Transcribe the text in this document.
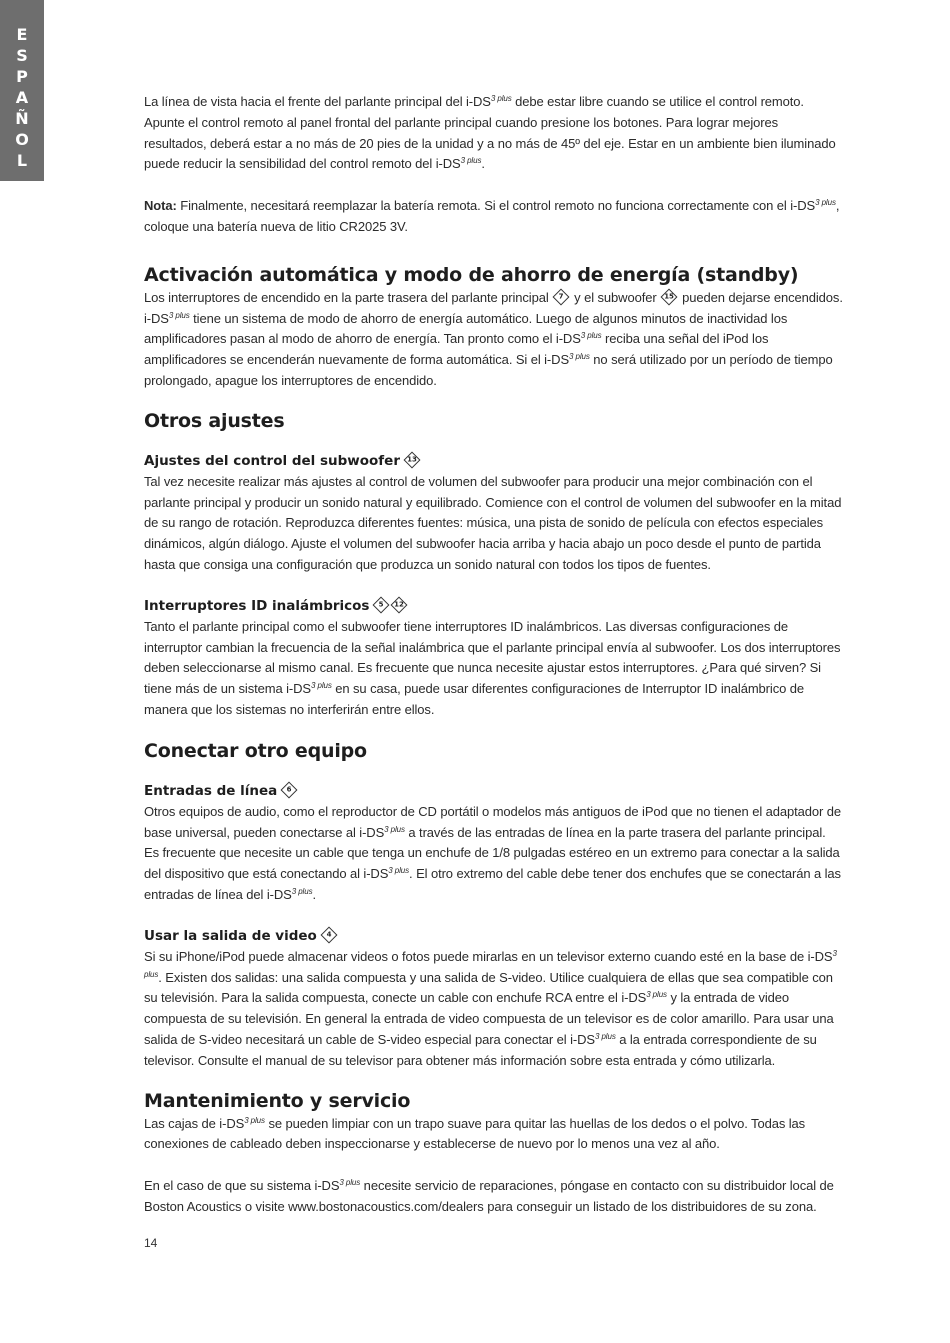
E
S
P
A
Ñ
O
L

La línea de vista hacia el frente del parlante principal del $i-DS^{3 plus}$ debe estar libre cuando se utilice el control remoto. Apunte el control remoto al panel frontal del parlante principal cuando presione los botones. Para lograr mejores resultados, deberá estar a no más de 20 pies de la unidad y a no más de 45º del eje. Estar en un ambiente bien iluminado puede reducir la sensibilidad del control remoto del $i-DS^{3 plus}$.

Nota: Finalmente, necesitará reemplazar la batería remota. Si el control remoto no funciona correctamente con el $i-DS^{3 plus}$, coloque una batería nueva de litio CR2025 3V.

Activación automática y modo de ahorro de energía (standby)

Los interruptores de encendido en la parte trasera del parlante principal 7 y el subwoofer 15 pueden dejarse encendidos. $i-DS^{3 plus}$ tiene un sistema de modo de ahorro de energía automático. Luego de algunos minutos de inactividad los amplificadores pasan al modo de ahorro de energía. Tan pronto como el $i-DS^{3 plus}$ reciba una señal del iPod los amplificadores se encenderán nuevamente de forma automática. Si el $i-DS^{3 plus}$ no será utilizado por un período de tiempo prolongado, apague los interruptores de encendido.

Otros ajustes
Ajustes del control del subwoofer 13

Tal vez necesite realizar más ajustes al control de volumen del subwoofer para producir una mejor combinación con el parlante principal y producir un sonido natural y equilibrado. Comience con el control de volumen del subwoofer en la mitad de su rango de rotación. Reproduzca diferentes fuentes: música, una pista de sonido de película con efectos especiales dinámicos, algún diálogo. Ajuste el volumen del subwoofer hacia arriba y hacia abajo un poco desde el punto de partida hasta que consiga una configuración que produzca un sonido natural con todos los tipos de fuentes.

Interruptores ID inalámbricos 5 12

Tanto el parlante principal como el subwoofer tiene interruptores ID inalámbricos. Las diversas configuraciones de interruptor cambian la frecuencia de la señal inalámbrica que el parlante principal envía al subwoofer. Los dos interruptores deben seleccionarse al mismo canal. Es frecuente que nunca necesite ajustar estos interruptores. ¿Para qué sirven? Si tiene más de un sistema $i-DS^{3 plus}$ en su casa, puede usar diferentes configuraciones de Interruptor ID inalámbrico de manera que los sistemas no interferirán entre ellos.

Conectar otro equipo
Entradas de línea 6

Otros equipos de audio, como el reproductor de CD portátil o modelos más antiguos de iPod que no tienen el adaptador de base universal, pueden conectarse al $i-DS^{3 plus}$ a través de las entradas de línea en la parte trasera del parlante principal. Es frecuente que necesite un cable que tenga un enchufe de 1/8 pulgadas estéreo en un extremo para conectar a la salida del dispositivo que está conectando al $i-DS^{3 plus}$. El otro extremo del cable debe tener dos enchufes que se conectarán a las entradas de línea del $i-DS^{3 plus}$.

Usar la salida de video 4

Si su iPhone/iPod puede almacenar videos o fotos puede mirarlas en un televisor externo cuando esté en la base de $i-DS^{3 plus}$. Existen dos salidas: una salida compuesta y una salida de S-video. Utilice cualquiera de ellas que sea compatible con su televisión. Para la salida compuesta, conecte un cable con enchufe RCA entre el $i-DS^{3 plus}$ y la entrada de video compuesta de su televisión. En general la entrada de video compuesta de un televisor es de color amarillo. Para usar una salida de S-video necesitará un cable de S-video especial para conectar el $i-DS^{3 plus}$ a la entrada correspondiente de su televisor. Consulte el manual de su televisor para obtener más información sobre esta entrada y cómo utilizarla.

Mantenimiento y servicio

Las cajas de $i-DS^{3 plus}$ se pueden limpiar con un trapo suave para quitar las huellas de los dedos o el polvo. Todas las conexiones de cableado deben inspeccionarse y establecerse de nuevo por lo menos una vez al año.

En el caso de que su sistema $i-DS^{3 plus}$ necesite servicio de reparaciones, póngase en contacto con su distribuidor local de Boston Acoustics o visite www.bostonacoustics.com/dealers para conseguir un listado de los distribuidores de su zona.

14
